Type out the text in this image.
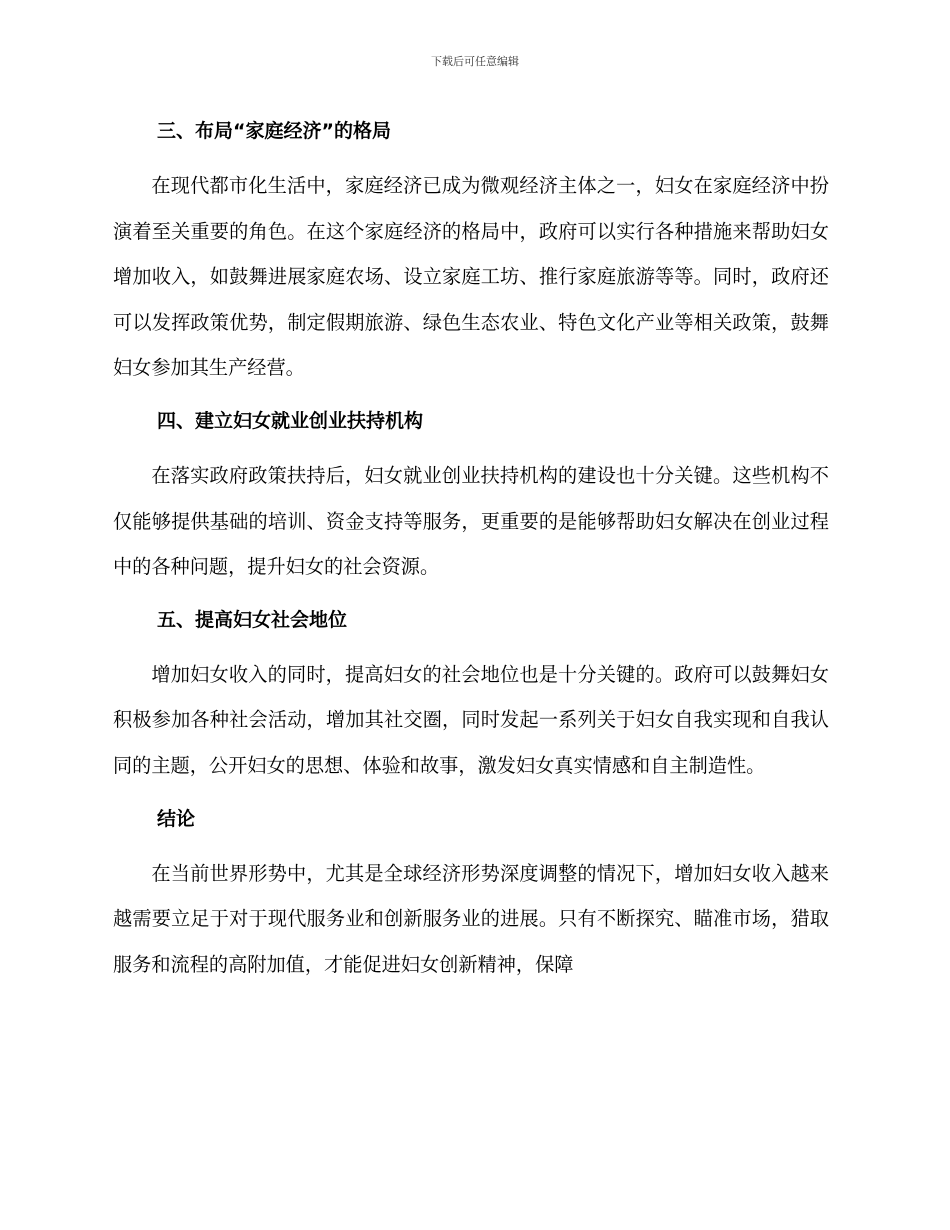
下载后可任意编辑
三、布局“家庭经济”的格局

在现代都市化生活中，家庭经济已成为微观经济主体之一，妇女在家庭经济中扮演着至关重要的角色。在这个家庭经济的格局中，政府可以实行各种措施来帮助妇女增加收入，如鼓舞进展家庭农场、设立家庭工坊、推行家庭旅游等等。同时，政府还可以发挥政策优势，制定假期旅游、绿色生态农业、特色文化产业等相关政策，鼓舞妇女参加其生产经营。

四、建立妇女就业创业扶持机构

在落实政府政策扶持后，妇女就业创业扶持机构的建设也十分关键。这些机构不仅能够提供基础的培训、资金支持等服务，更重要的是能够帮助妇女解决在创业过程中的各种问题，提升妇女的社会资源。

五、提高妇女社会地位

增加妇女收入的同时，提高妇女的社会地位也是十分关键的。政府可以鼓舞妇女积极参加各种社会活动，增加其社交圈，同时发起一系列关于妇女自我实现和自我认同的主题，公开妇女的思想、体验和故事，激发妇女真实情感和自主制造性。

结论

在当前世界形势中，尤其是全球经济形势深度调整的情况下，增加妇女收入越来越需要立足于对于现代服务业和创新服务业的进展。只有不断探究、瞄准市场，猎取服务和流程的高附加值，才能促进妇女创新精神，保障
